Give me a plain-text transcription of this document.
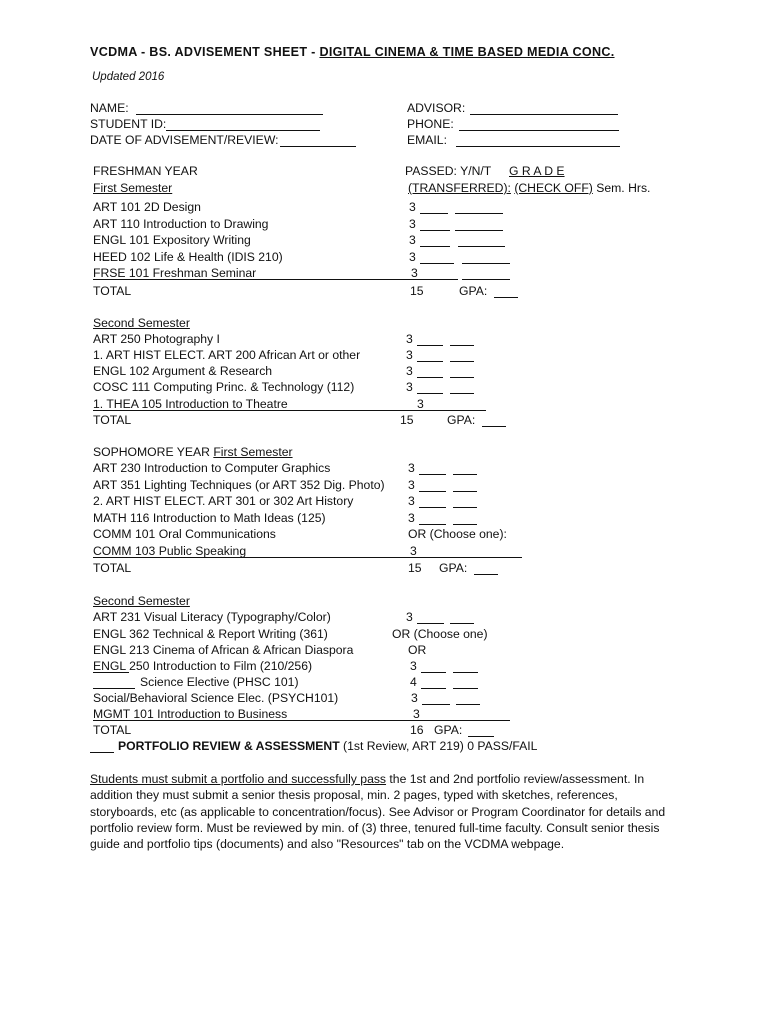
VCDMA - BS. ADVISEMENT SHEET - DIGITAL CINEMA & TIME BASED MEDIA CONC.
Updated 2016
NAME:
STUDENT ID:
DATE OF ADVISEMENT/REVIEW:
ADVISOR:
PHONE:
EMAIL:
FRESHMAN YEAR	PASSED: Y/N/T G R A D E
First Semester	(TRANSFERRED): (CHECK OFF) Sem. Hrs.
ART 101 2D Design	3
ART 110 Introduction to Drawing	3
ENGL 101 Expository Writing	3
HEED 102 Life & Health (IDIS 210)	3
FRSE 101 Freshman Seminar	3
TOTAL	15	GPA:
Second Semester
ART 250 Photography I	3
1. ART HIST ELECT. ART 200 African Art or other	3
ENGL 102 Argument & Research	3
COSC 111 Computing Princ. & Technology (112)	3
1. THEA 105 Introduction to Theatre	3
TOTAL	15	GPA:
SOPHOMORE YEAR First Semester
ART 230 Introduction to Computer Graphics	3
ART 351 Lighting Techniques (or ART 352 Dig. Photo) 3
2. ART HIST ELECT. ART 301 or 302 Art History	3
MATH 116 Introduction to Math Ideas (125)	3
COMM 101 Oral Communications	OR (Choose one):
COMM 103 Public Speaking	3
TOTAL	15 GPA:
Second Semester
ART 231 Visual Literacy (Typography/Color)	3
ENGL 362 Technical & Report Writing (361)	OR (Choose one)
ENGL 213 Cinema of African & African Diaspora	OR
ENGL 250 Introduction to Film (210/256)	3
Science Elective (PHSC 101)	4
Social/Behavioral Science Elec. (PSYCH101)	3
MGMT 101 Introduction to Business	3
TOTAL	16 GPA:
PORTFOLIO REVIEW & ASSESSMENT (1st Review, ART 219) 0 PASS/FAIL
Students must submit a portfolio and successfully pass the 1st and 2nd portfolio review/assessment. In addition they must submit a senior thesis proposal, min. 2 pages, typed with sketches, references, storyboards, etc (as applicable to concentration/focus). See Advisor or Program Coordinator for details and portfolio review form. Must be reviewed by min. of (3) three, tenured full-time faculty. Consult senior thesis guide and portfolio tips (documents) and also "Resources" tab on the VCDMA webpage.
